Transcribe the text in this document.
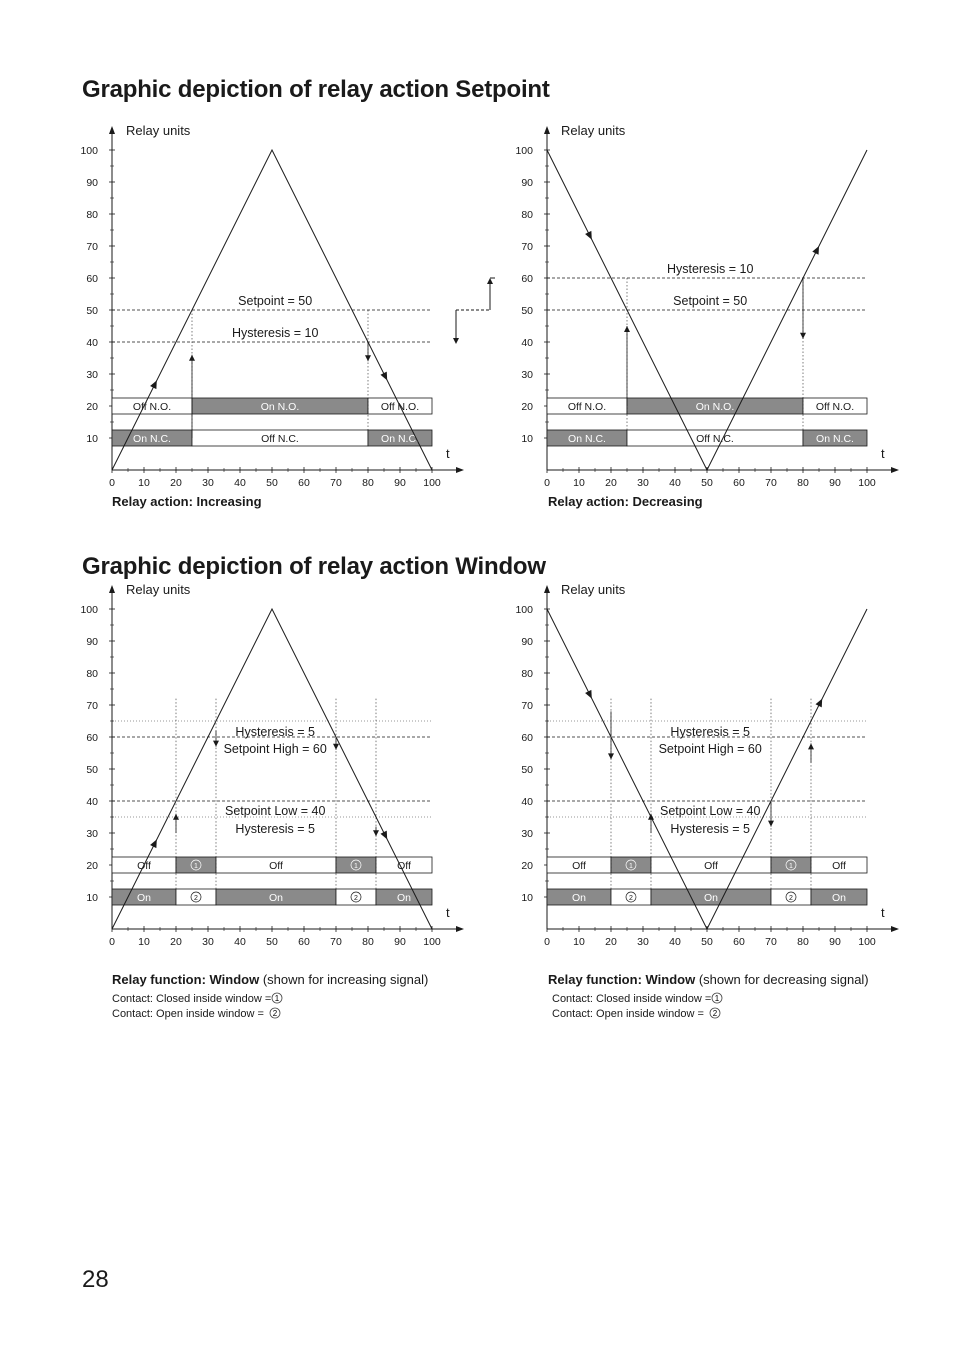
Graphic depiction of relay action Setpoint
Graphic depiction of relay action Window
Relay units
t
10
20
30
40
50
60
70
80
90
100
0 10 20 30 40 50 60 70 80 90 100
Off N.O.	On N.O.	Off N.O.
On N.C.	Off N.C.	On N.C.
Setpoint = 50
Hysteresis = 10
Relay units
t
10
20
30
40
50
60
70
80
90
100
0 10 20 30 40 50 60 70 80 90 100
Off N.O.	On N.O.	Off N.O.
On N.C.	Off N.C.	On N.C.
Hysteresis = 10
Setpoint = 50
Relay units
t
10
20
30
40
50
60
70
80
90
100
0 10 20 30 40 50 60 70 80 90 100
Off	1	Off	1	Off
On	2	On	2	On
Hysteresis = 5
Setpoint High = 60
Setpoint Low = 40
Hysteresis = 5
Relay units
t
10
20
30
40
50
60
70
80
90
100
0 10 20 30 40 50 60 70 80 90 100
Off	1	Off	1	Off
On	2	On	2	On
Hysteresis = 5
Setpoint High = 60
Setpoint Low = 40
Hysteresis = 5
Relay action: Increasing	Relay action: Decreasing
Relay function: Window (shown for increasing signal)	Relay function: Window (shown for decreasing signal)
Contact: Closed inside window = 1
Contact: Open inside window = 2
Contact: Closed inside window = 1
Contact: Open inside window = 2
28
